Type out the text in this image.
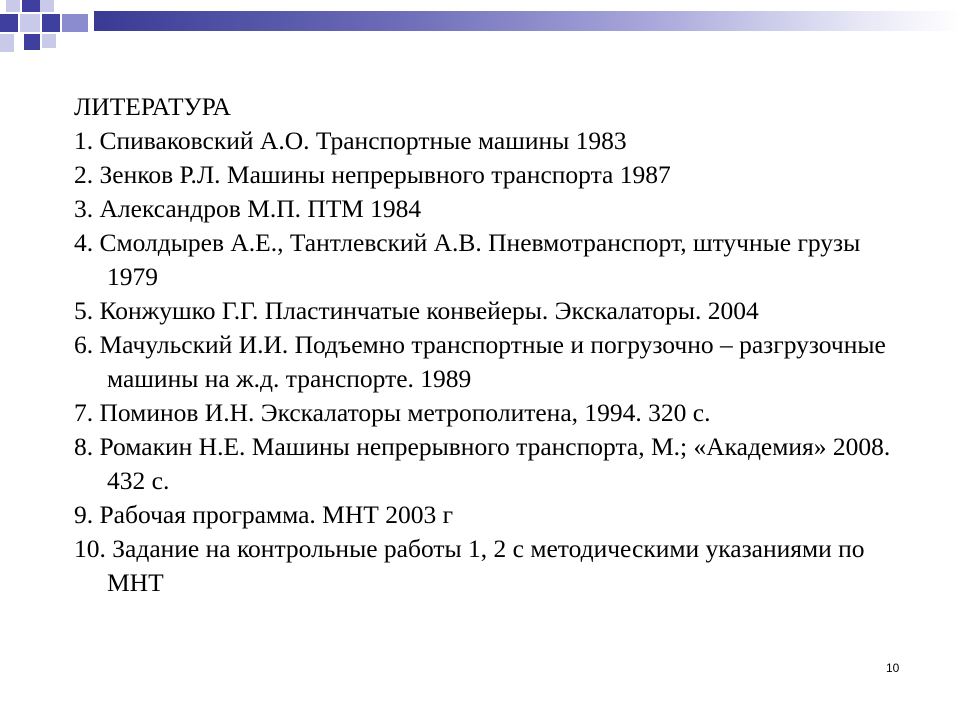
ЛИТЕРАТУРА
1. Спиваковский А.О. Транспортные машины 1983
2. Зенков Р.Л. Машины непрерывного транспорта 1987
3. Александров М.П. ПТМ 1984
4. Смолдырев А.Е., Тантлевский А.В. Пневмотранспорт, штучные грузы 1979
5. Конжушко Г.Г. Пластинчатые конвейеры. Экскалаторы. 2004
6. Мачульский И.И. Подъемно транспортные и погрузочно – разгрузочные машины на ж.д. транспорте. 1989
7. Поминов И.Н. Экскалаторы метрополитена, 1994. 320 с.
8. Ромакин Н.Е. Машины непрерывного транспорта, М.; «Академия» 2008. 432 с.
9. Рабочая программа. МНТ 2003 г
10. Задание на контрольные работы 1, 2 с методическими указаниями по МНТ
10
